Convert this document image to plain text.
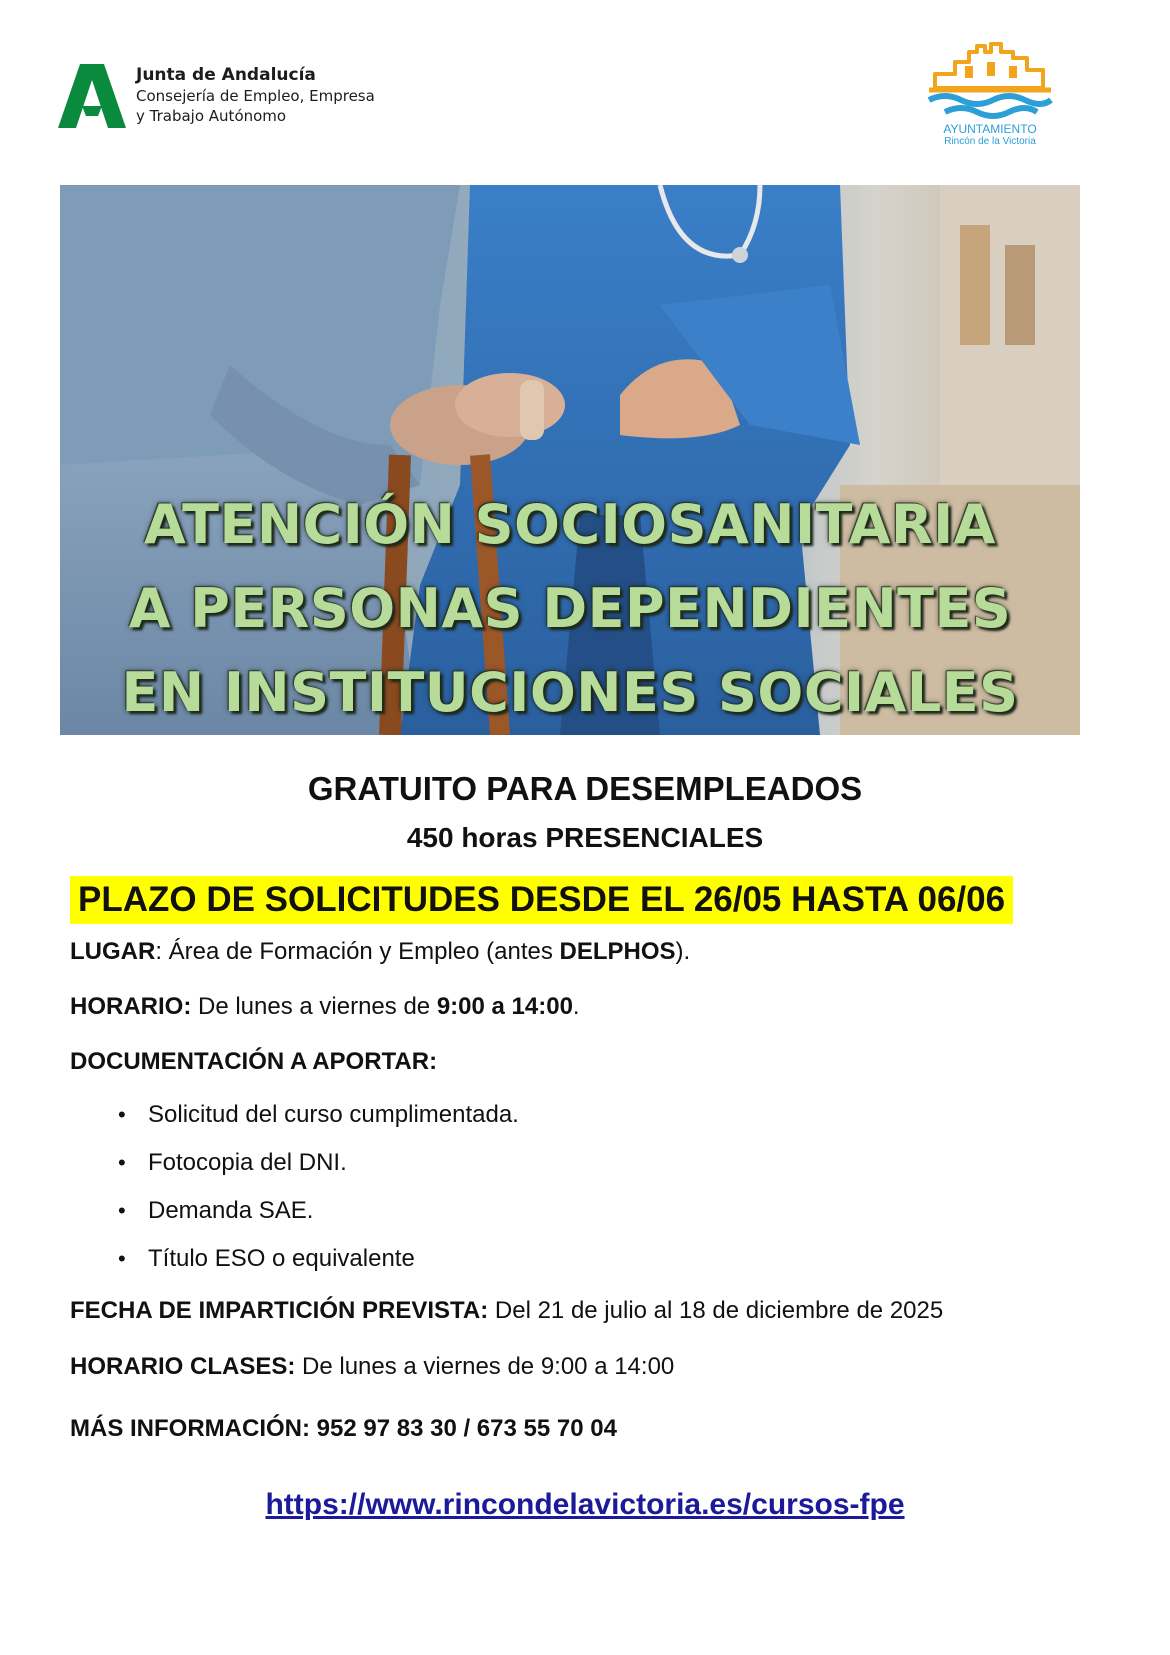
Junta de Andalucía
Consejería de Empleo, Empresa
y Trabajo Autónomo
AYUNTAMIENTO
Rincón de la Victoria
ATENCIÓN SOCIOSANITARIA
A PERSONAS DEPENDIENTES
EN INSTITUCIONES SOCIALES
GRATUITO PARA DESEMPLEADOS
450 horas PRESENCIALES
PLAZO DE SOLICITUDES DESDE EL 26/05 HASTA 06/06
LUGAR: Área de Formación y Empleo (antes DELPHOS).
HORARIO: De lunes a viernes de 9:00 a 14:00.
DOCUMENTACIÓN A APORTAR:
• Solicitud del curso cumplimentada.
• Fotocopia del DNI.
• Demanda SAE.
• Título ESO o equivalente
FECHA DE IMPARTICIÓN PREVISTA: Del 21 de julio al 18 de diciembre de 2025
HORARIO CLASES: De lunes a viernes de 9:00 a 14:00
MÁS INFORMACIÓN: 952 97 83 30 / 673 55 70 04
https://www.rincondelavictoria.es/cursos-fpe
